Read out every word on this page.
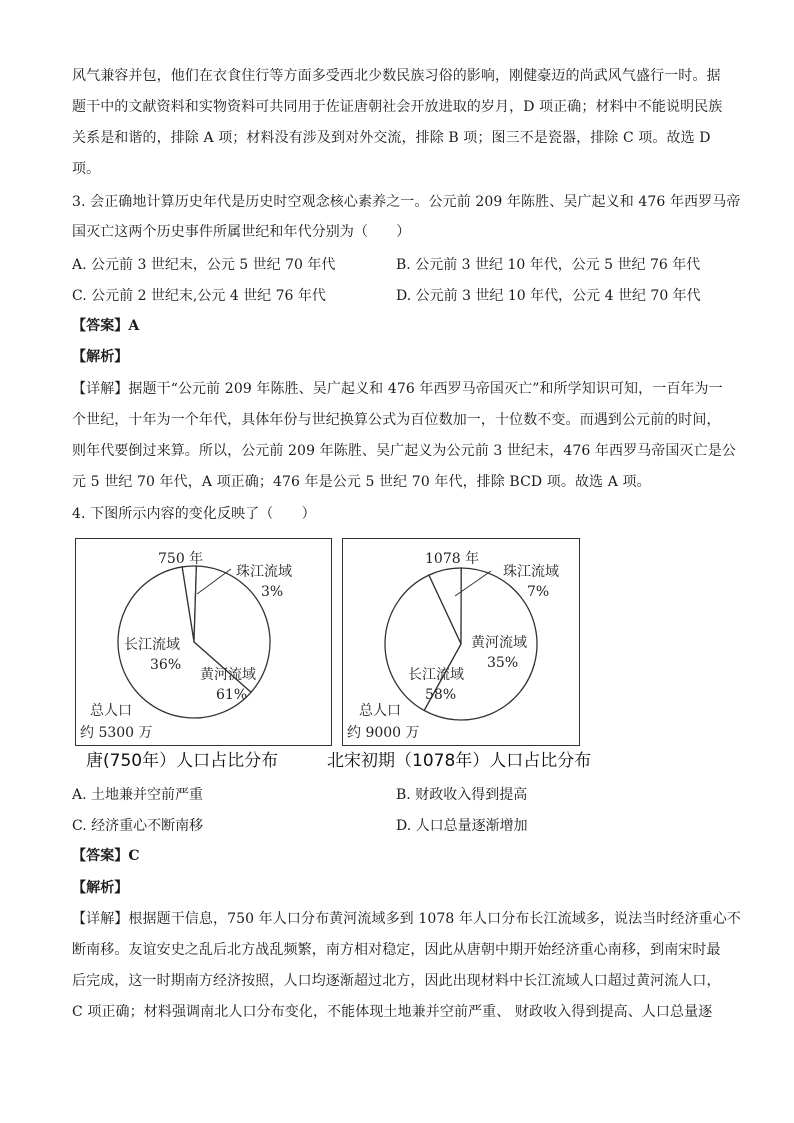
风气兼容并包，他们在衣食住行等方面多受西北少数民族习俗的影响，刚健豪迈的尚武风气盛行一时。据
题干中的文献资料和实物资料可共同用于佐证唐朝社会开放进取的岁月，D 项正确；材料中不能说明民族
关系是和谐的，排除 A 项；材料没有涉及到对外交流，排除 B 项；图三不是瓷器，排除 C 项。故选 D
项。
3. 会正确地计算历史年代是历史时空观念核心素养之一。公元前 209 年陈胜、吴广起义和 476 年西罗马帝
国灭亡这两个历史事件所属世纪和年代分别为（　　）
A. 公元前 3 世纪末，公元 5 世纪 70 年代	B. 公元前 3 世纪 10 年代，公元 5 世纪 76 年代
C. 公元前 2 世纪末,公元 4 世纪 76 年代	D. 公元前 3 世纪 10 年代，公元 4 世纪 70 年代
【答案】A
【解析】
【详解】据题干“公元前 209 年陈胜、吴广起义和 476 年西罗马帝国灭亡”和所学知识可知，一百年为一
个世纪，十年为一个年代，具体年份与世纪换算公式为百位数加一，十位数不变。而遇到公元前的时间，
则年代要倒过来算。所以，公元前 209 年陈胜、吴广起义为公元前 3 世纪末，476 年西罗马帝国灭亡是公
元 5 世纪 70 年代，A 项正确；476 年是公元 5 世纪 70 年代，排除 BCD 项。故选 A 项。
4. 下图所示内容的变化反映了（　　）
750 年
珠江流域
3%
长江流域
36%
黄河流域
61%
总人口
约 5300 万
1078 年
珠江流域
7%
黄河流域
35%
长江流域
58%
总人口
约 9000 万
唐(750年）人口占比分布	北宋初期（1078年）人口占比分布
A. 土地兼并空前严重	B. 财政收入得到提高
C. 经济重心不断南移	D. 人口总量逐渐增加
【答案】C
【解析】
【详解】根据题干信息，750 年人口分布黄河流域多到 1078 年人口分布长江流域多，说法当时经济重心不
断南移。友谊安史之乱后北方战乱频繁，南方相对稳定，因此从唐朝中期开始经济重心南移，到南宋时最
后完成，这一时期南方经济按照，人口均逐渐超过北方，因此出现材料中长江流域人口超过黄河流人口，
C 项正确；材料强调南北人口分布变化，不能体现土地兼并空前严重、 财政收入得到提高、人口总量逐
